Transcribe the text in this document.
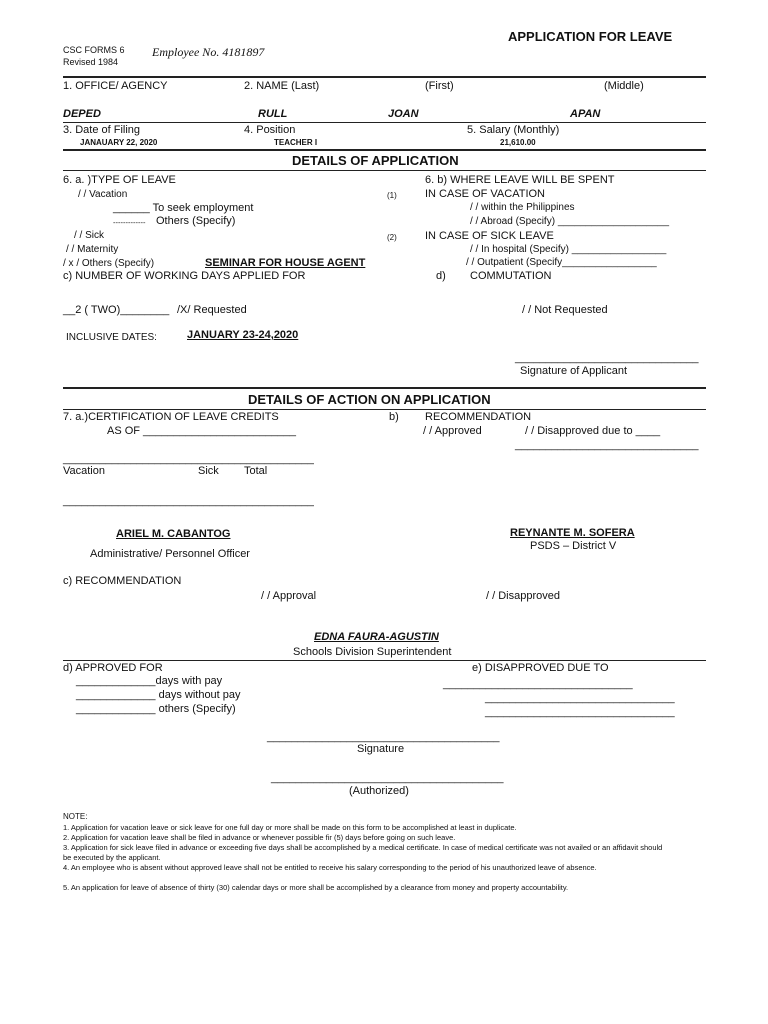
APPLICATION FOR LEAVE
CSC FORMS 6
Revised 1984
Employee No. 4181897
1. OFFICE/ AGENCY	2. NAME (Last)	(First)	(Middle)
DEPED	RULL	JOAN	APAN
3. Date of Filing	4. Position	5. Salary (Monthly)
JANAUARY 22, 2020	TEACHER I	21,610.00
DETAILS OF APPLICATION
6. a. )TYPE OF LEAVE
/ / Vacation
______ To seek employment
------------- Others (Specify)
/ / Sick
/ / Maternity
/ x / Others (Specify)	SEMINAR FOR HOUSE AGENT
6. b) WHERE LEAVE WILL BE SPENT
(1)	IN CASE OF VACATION
/ / within the Philippines
/ / Abroad (Specify) ____________________
(2)	IN CASE OF SICK LEAVE
/ / In hospital (Specify) _________________
/ / Outpatient (Specify_________________
c) NUMBER OF WORKING DAYS APPLIED FOR	d) COMMUTATION
__2 ( TWO)________ /X/ Requested	/ / Not Requested
INCLUSIVE DATES:	JANUARY 23-24,2020
______________________________
Signature of Applicant
DETAILS OF ACTION ON APPLICATION
7. a.)CERTIFICATION OF LEAVE CREDITS
AS OF _________________________
b) RECOMMENDATION
/ / Approved	/ / Disapproved due to ____
______________________________
_________________________________________
Vacation	Sick Total
_________________________________________
ARIEL M. CABANTOG
Administrative/ Personnel Officer
REYNANTE M. SOFERA
PSDS – District V
c) RECOMMENDATION
/ / Approval	/ / Disapproved
EDNA FAURA-AGUSTIN
Schools Division Superintendent
d) APPROVED FOR
_____________days with pay
_____________ days without pay
_____________ others (Specify)
e) DISAPPROVED DUE TO
_______________________________
_______________________________
_______________________________
______________________________________
Signature
______________________________________
(Authorized)
NOTE:
1. Application for vacation leave or sick leave for one full day or more shall be made on this form to be accomplished at least in duplicate.
2. Application for vacation leave shall be filed in advance or whenever possible fir (5) days before going on such leave.
3. Application for sick leave filed in advance or exceeding five days shall be accomplished by a medical certificate. In case of medical certificate was not availed or an affidavit should be executed by the applicant.
4. An employee who is absent without approved leave shall not be entitled to receive his salary corresponding to the period of his unauthorized leave of absence.
5. An application for leave of absence of thirty (30) calendar days or more shall be accomplished by a clearance from money and property accountability.
